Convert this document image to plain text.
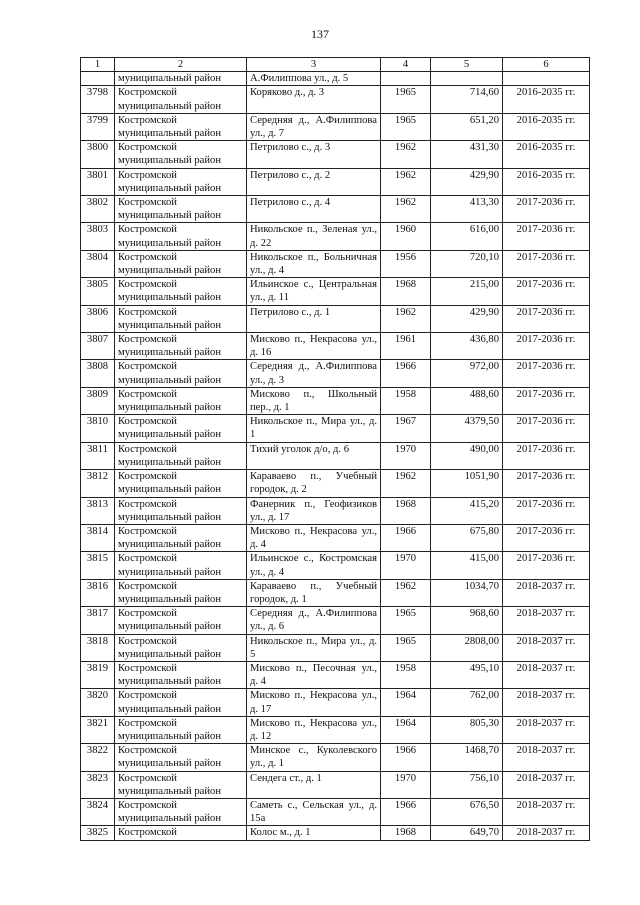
137
1	2	3	4	5	6
	муниципальный район	А.Филиппова ул., д. 5			
3798	Костромской муниципальный район	Коряково д., д. 3	1965	714,60	2016-2035 гг.
3799	Костромской муниципальный район	Середняя д., А.Филиппова ул., д. 7	1965	651,20	2016-2035 гг.
3800	Костромской муниципальный район	Петрилово с., д. 3	1962	431,30	2016-2035 гг.
3801	Костромской муниципальный район	Петрилово с., д. 2	1962	429,90	2016-2035 гг.
3802	Костромской муниципальный район	Петрилово с., д. 4	1962	413,30	2017-2036 гг.
3803	Костромской муниципальный район	Никольское п., Зеленая ул., д. 22	1960	616,00	2017-2036 гг.
3804	Костромской муниципальный район	Никольское п., Больничная ул., д. 4	1956	720,10	2017-2036 гг.
3805	Костромской муниципальный район	Ильинское с., Центральная ул., д. 11	1968	215,00	2017-2036 гг.
3806	Костромской муниципальный район	Петрилово с., д. 1	1962	429,90	2017-2036 гг.
3807	Костромской муниципальный район	Мисково п., Некрасова ул., д. 16	1961	436,80	2017-2036 гг.
3808	Костромской муниципальный район	Середняя д., А.Филиппова ул., д. 3	1966	972,00	2017-2036 гг.
3809	Костромской муниципальный район	Мисково п., Школьный пер., д. 1	1958	488,60	2017-2036 гг.
3810	Костромской муниципальный район	Никольское п., Мира ул., д. 1	1967	4379,50	2017-2036 гг.
3811	Костромской муниципальный район	Тихий уголок д/о, д. 6	1970	490,00	2017-2036 гг.
3812	Костромской муниципальный район	Караваево п., Учебный городок, д. 2	1962	1051,90	2017-2036 гг.
3813	Костромской муниципальный район	Фанерник п., Геофизиков ул., д. 17	1968	415,20	2017-2036 гг.
3814	Костромской муниципальный район	Мисково п., Некрасова ул., д. 4	1966	675,80	2017-2036 гг.
3815	Костромской муниципальный район	Ильинское с., Костромская ул., д. 4	1970	415,00	2017-2036 гг.
3816	Костромской муниципальный район	Караваево п., Учебный городок, д. 1	1962	1034,70	2018-2037 гг.
3817	Костромской муниципальный район	Середняя д., А.Филиппова ул., д. 6	1965	968,60	2018-2037 гг.
3818	Костромской муниципальный район	Никольское п., Мира ул., д. 5	1965	2808,00	2018-2037 гг.
3819	Костромской муниципальный район	Мисково п., Песочная ул., д. 4	1958	495,10	2018-2037 гг.
3820	Костромской муниципальный район	Мисково п., Некрасова ул., д. 17	1964	762,00	2018-2037 гг.
3821	Костромской муниципальный район	Мисково п., Некрасова ул., д. 12	1964	805,30	2018-2037 гг.
3822	Костромской муниципальный район	Минское с., Куколевского ул., д. 1	1966	1468,70	2018-2037 гг.
3823	Костромской муниципальный район	Сендега ст., д. 1	1970	756,10	2018-2037 гг.
3824	Костромской муниципальный район	Саметь с., Сельская ул., д. 15а	1966	676,50	2018-2037 гг.
3825	Костромской	Колос м., д. 1	1968	649,70	2018-2037 гг.
